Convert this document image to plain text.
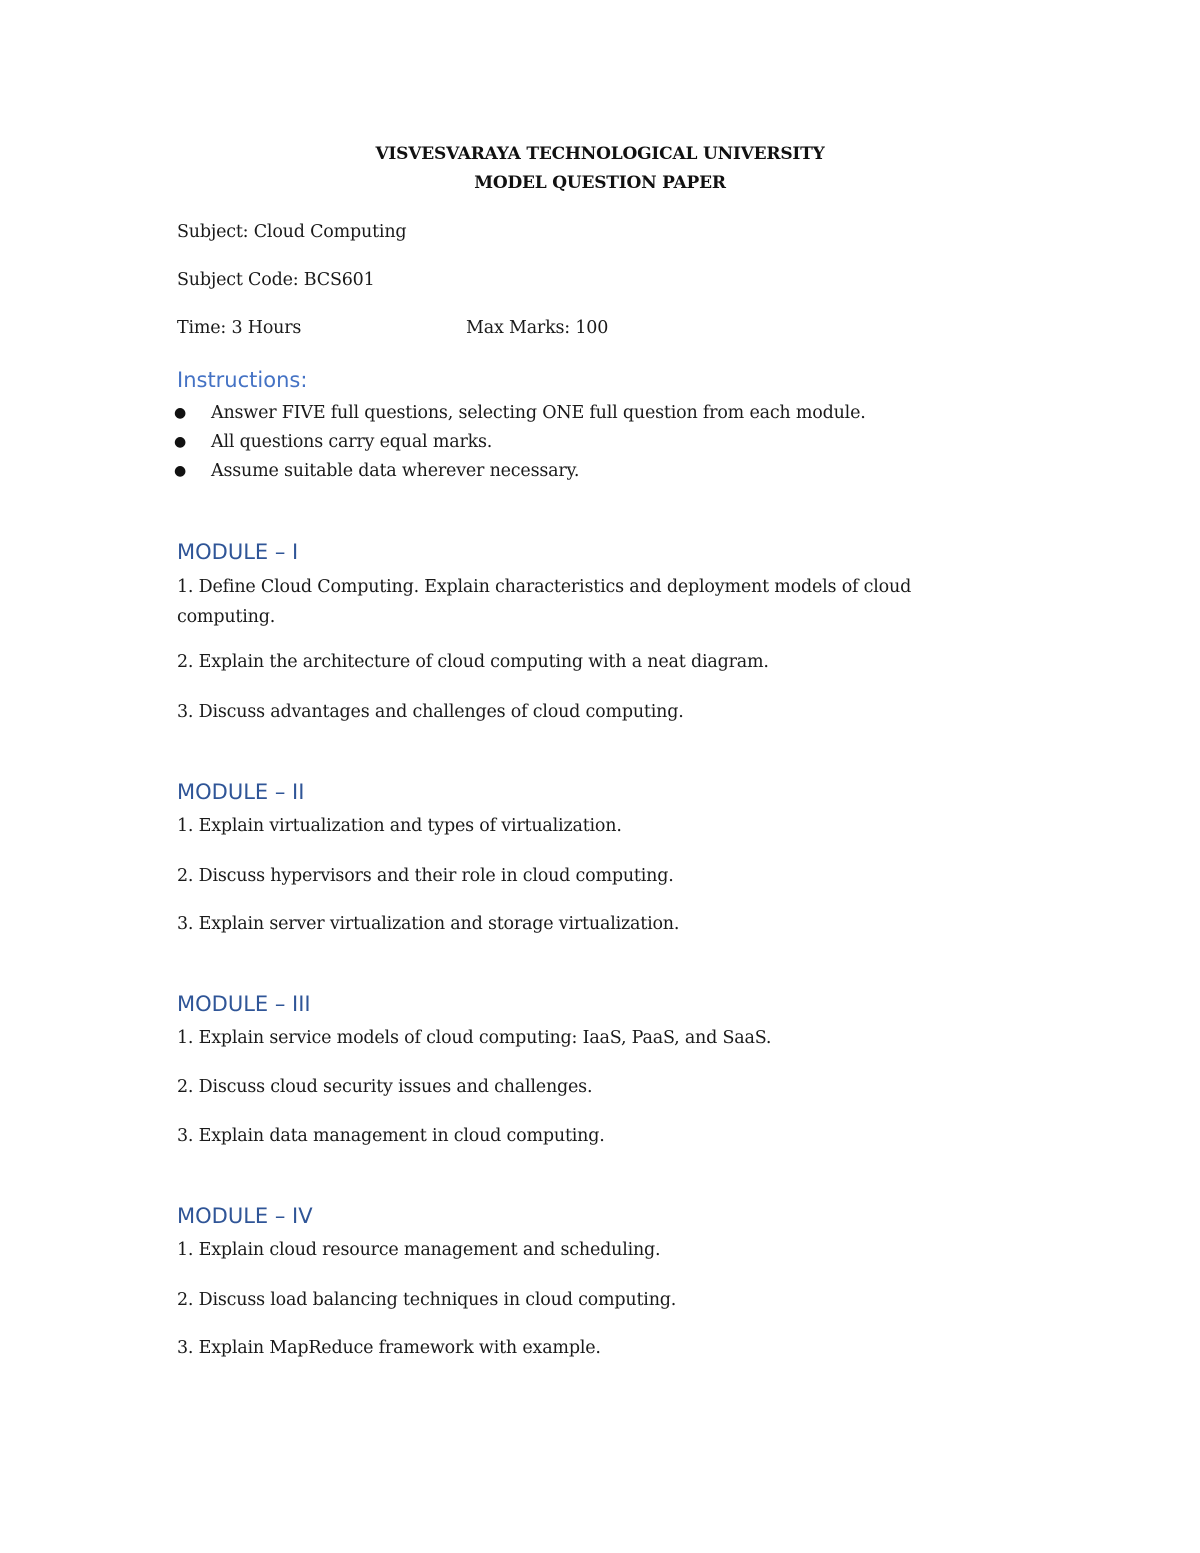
VISVESVARAYA TECHNOLOGICAL UNIVERSITY
MODEL QUESTION PAPER
Subject: Cloud Computing
Subject Code: BCS601
Time: 3 Hours	Max Marks: 100
Instructions:
● Answer FIVE full questions, selecting ONE full question from each module.
● All questions carry equal marks.
● Assume suitable data wherever necessary.
MODULE – I
1. Define Cloud Computing. Explain characteristics and deployment models of cloud computing.
2. Explain the architecture of cloud computing with a neat diagram.
3. Discuss advantages and challenges of cloud computing.
MODULE – II
1. Explain virtualization and types of virtualization.
2. Discuss hypervisors and their role in cloud computing.
3. Explain server virtualization and storage virtualization.
MODULE – III
1. Explain service models of cloud computing: IaaS, PaaS, and SaaS.
2. Discuss cloud security issues and challenges.
3. Explain data management in cloud computing.
MODULE – IV
1. Explain cloud resource management and scheduling.
2. Discuss load balancing techniques in cloud computing.
3. Explain MapReduce framework with example.
